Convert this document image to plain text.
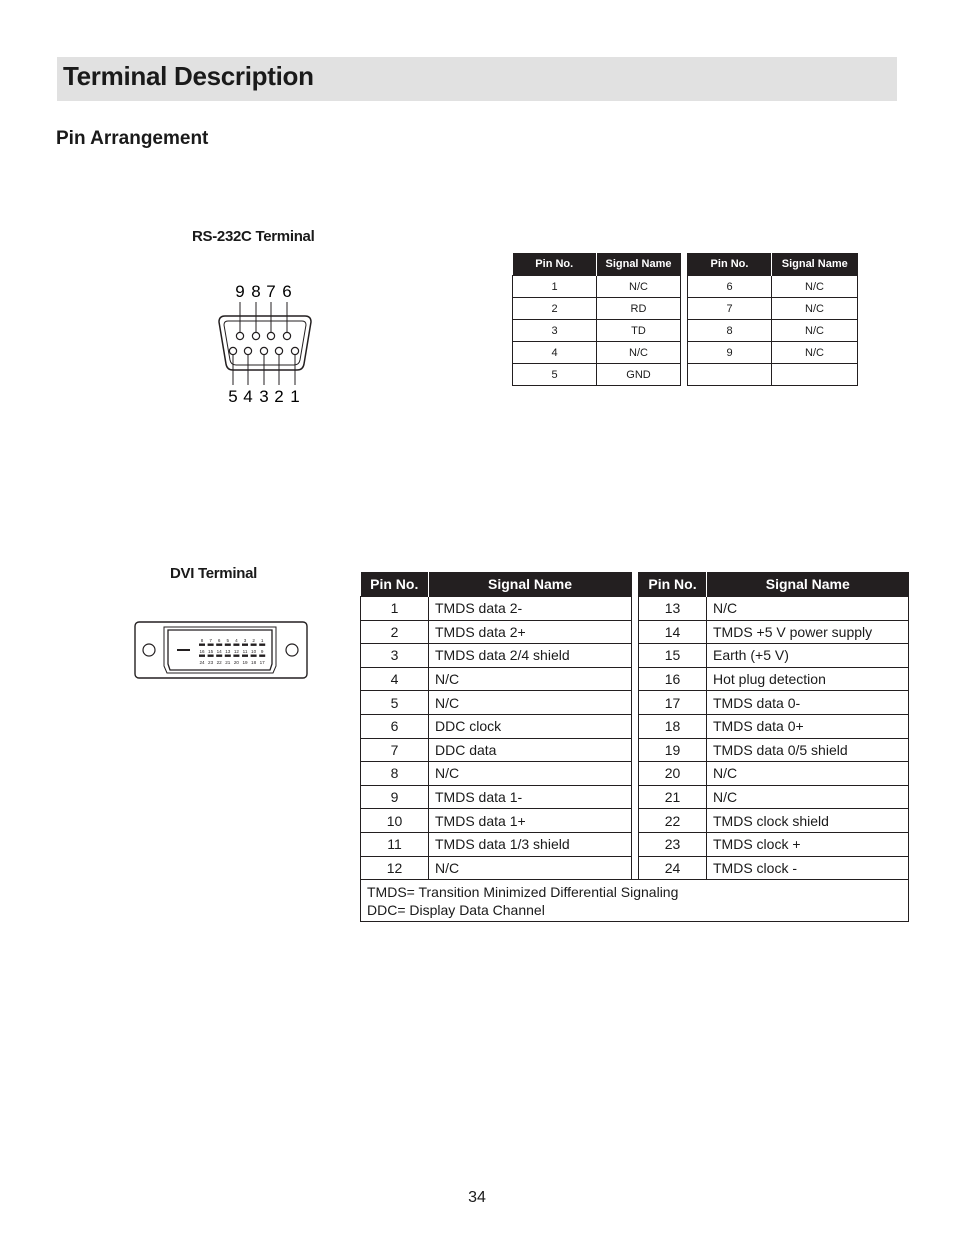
Terminal Description
Pin Arrangement
RS-232C Terminal
9 8 7 6
5 4 3 2 1
Pin No.	Signal Name		Pin No.	Signal Name
1	N/C		6	N/C
2	RD		7	N/C
3	TD		8	N/C
4	N/C		9	N/C
5	GND			
DVI Terminal
8 7 6 5 4 3 2 1
16 15 14 13 12 11 10 9
24 23 22 21 20 19 18 17
Pin No.	Signal Name		Pin No.	Signal Name
1	TMDS data 2-		13	N/C
2	TMDS data 2+		14	TMDS +5 V power supply
3	TMDS data 2/4 shield		15	Earth (+5 V)
4	N/C		16	Hot plug detection
5	N/C		17	TMDS data 0-
6	DDC clock		18	TMDS data 0+
7	DDC data		19	TMDS data 0/5 shield
8	N/C		20	N/C
9	TMDS data 1-		21	N/C
10	TMDS data 1+		22	TMDS clock shield
11	TMDS data 1/3 shield		23	TMDS clock +
12	N/C		24	TMDS clock -

TMDS= Transition Minimized Differential Signaling
DDC= Display Data Channel				
34
